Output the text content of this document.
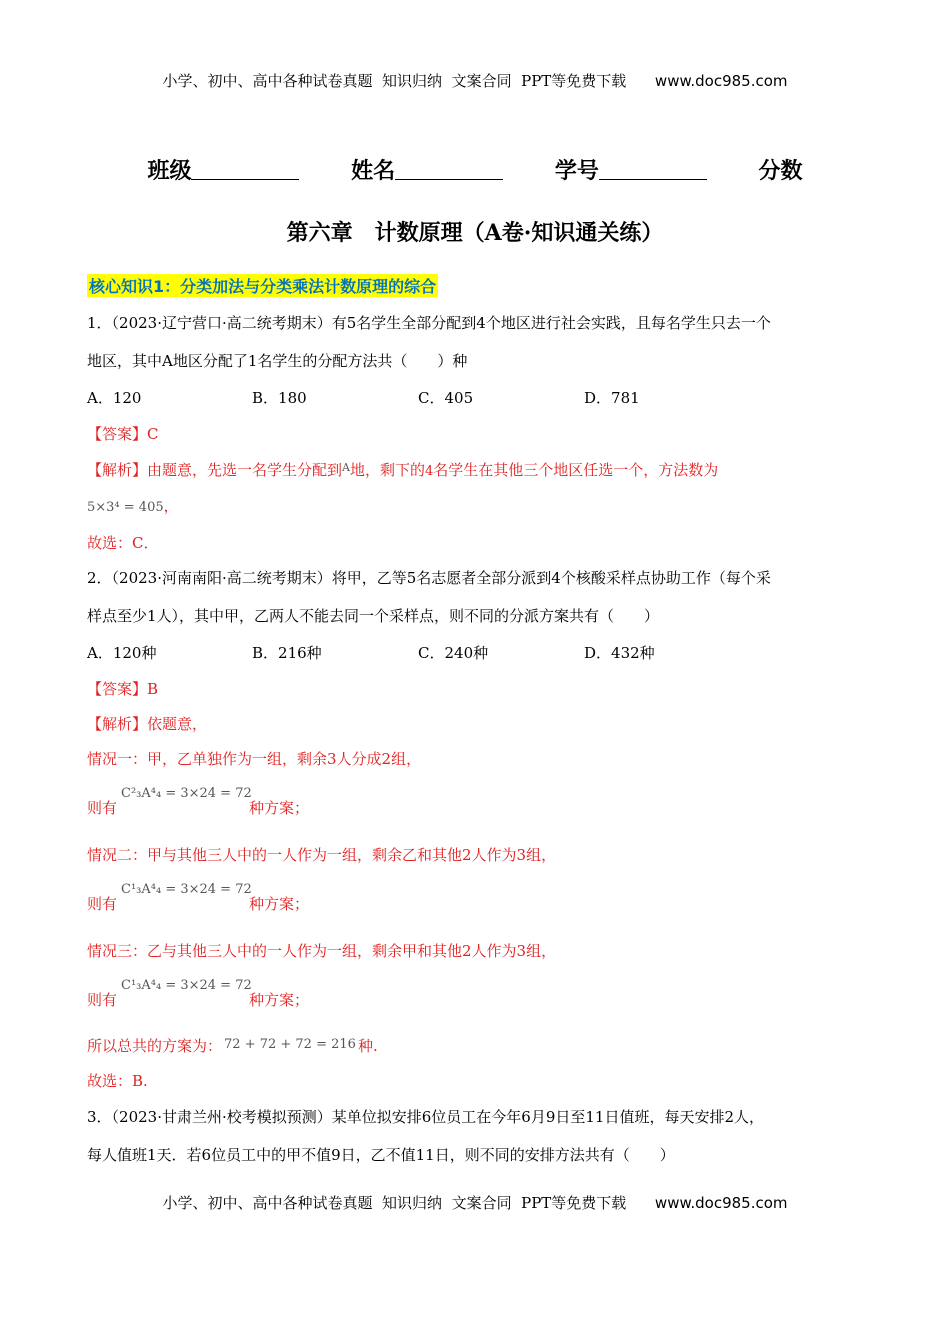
小学、初中、高中各种试卷真题  知识归纳  文案合同  PPT等免费下载 www.doc985.com
班级	姓名	学号	分数
第六章　计数原理（A卷·知识通关练）
核心知识1：分类加法与分类乘法计数原理的综合
1．（2023·辽宁营口·高二统考期末）有5名学生全部分配到4个地区进行社会实践，且每名学生只去一个
地区，其中A地区分配了1名学生的分配方法共（　　）种
A．120	B．180	C．405	D．781
【答案】C
【解析】由题意，先选一名学生分配到$^A$地，剩下的4名学生在其他三个地区任选一个，方法数为
5×3⁴ = 405，
故选：C．
2．（2023·河南南阳·高二统考期末）将甲，乙等5名志愿者全部分派到4个核酸采样点协助工作（每个采
样点至少1人），其中甲，乙两人不能去同一个采样点，则不同的分派方案共有（　　）
A．120种	B．216种	C．240种	D．432种
【答案】B
【解析】依题意，
情况一：甲，乙单独作为一组，剩余3人分成2组，
C²₃A⁴₄ = 3×24 = 72
则有	种方案；
情况二：甲与其他三人中的一人作为一组，剩余乙和其他2人作为3组，
C¹₃A⁴₄ = 3×24 = 72
则有	种方案；
情况三：乙与其他三人中的一人作为一组，剩余甲和其他2人作为3组，
C¹₃A⁴₄ = 3×24 = 72
则有	种方案；
所以总共的方案为： 72 + 72 + 72 = 216 种.
故选：B.
3．（2023·甘肃兰州·校考模拟预测）某单位拟安排6位员工在今年6月9日至11日值班，每天安排2人，
每人值班1天．若6位员工中的甲不值9日，乙不值11日，则不同的安排方法共有（　　）
小学、初中、高中各种试卷真题  知识归纳  文案合同  PPT等免费下载 www.doc985.com
